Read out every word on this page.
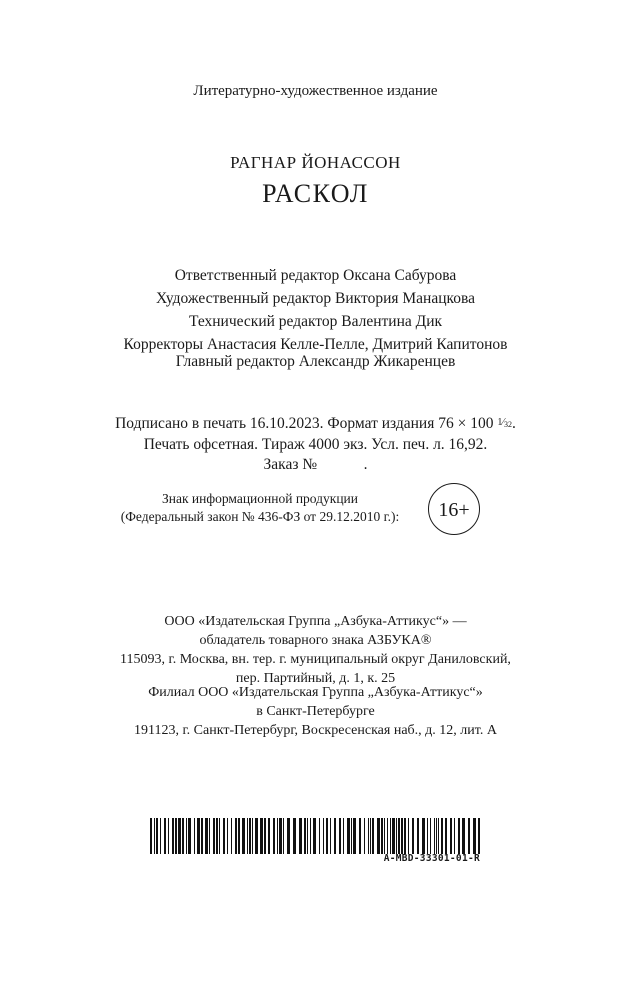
Литературно-художественное издание
РАГНАР ЙОНАССОН
РАСКОЛ
Ответственный редактор Оксана Сабурова
Художественный редактор Виктория Манацкова
Технический редактор Валентина Дик
Корректоры Анастасия Келле-Пелле, Дмитрий Капитонов
Главный редактор Александр Жикаренцев
Подписано в печать 16.10.2023. Формат издания 76 × 100 $1⁄_{32}$.
Печать офсетная. Тираж 4000 экз. Усл. печ. л. 16,92.
Заказ №            .
Знак информационной продукции
(Федеральный закон № 436-ФЗ от 29.12.2010 г.):	16+
ООО «Издательская Группа „Азбука-Аттикус“» —
обладатель товарного знака АЗБУКА®
115093, г. Москва, вн. тер. г. муниципальный округ Даниловский,
пер. Партийный, д. 1, к. 25
Филиал ООО «Издательская Группа „Азбука-Аттикус“»
в Санкт-Петербурге
191123, г. Санкт-Петербург, Воскресенская наб., д. 12, лит. А
A-MBD-33301-01-R
